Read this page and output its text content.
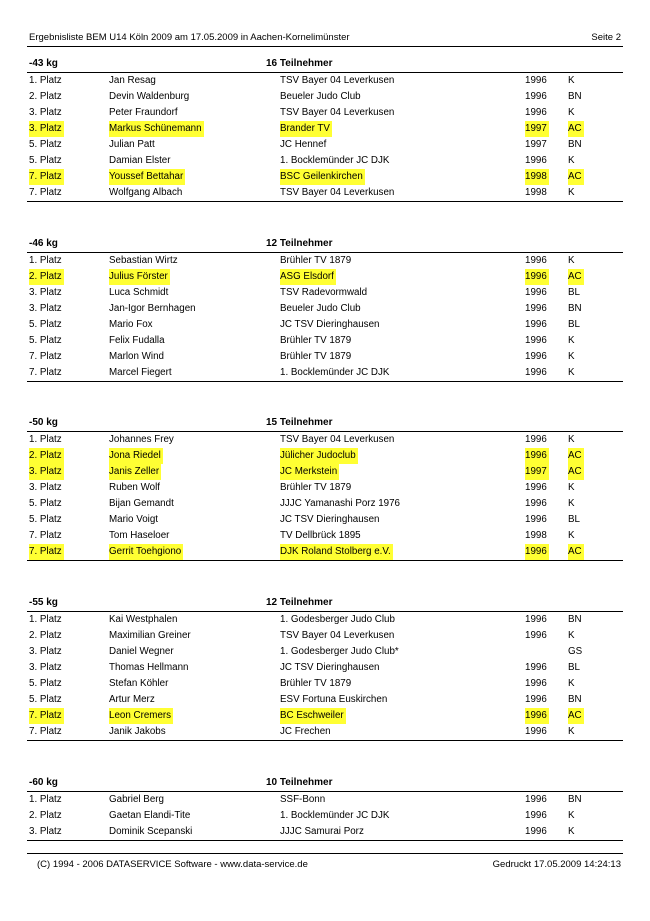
Ergebnisliste BEM U14 Köln 2009 am 17.05.2009 in Aachen-Kornelimünster	Seite 2
-43 kg	16 Teilnehmer
1. Platz	Jan Resag	TSV Bayer 04 Leverkusen	1996 K
2. Platz	Devin Waldenburg	Beueler Judo Club	1996 BN
3. Platz	Peter Fraundorf	TSV Bayer 04 Leverkusen	1996 K
3. Platz	Markus Schünemann	Brander TV	1997 AC
5. Platz	Julian Patt	JC Hennef	1997 BN
5. Platz	Damian Elster	1. Bocklemünder JC DJK	1996 K
7. Platz	Youssef Bettahar	BSC Geilenkirchen	1998 AC
7. Platz	Wolfgang Albach	TSV Bayer 04 Leverkusen	1998 K
-46 kg	12 Teilnehmer
1. Platz	Sebastian Wirtz	Brühler TV 1879	1996 K
2. Platz	Julius Förster	ASG Elsdorf	1996 AC
3. Platz	Luca Schmidt	TSV Radevormwald	1996 BL
3. Platz	Jan-Igor Bernhagen	Beueler Judo Club	1996 BN
5. Platz	Mario Fox	JC TSV Dieringhausen	1996 BL
5. Platz	Felix Fudalla	Brühler TV 1879	1996 K
7. Platz	Marlon Wind	Brühler TV 1879	1996 K
7. Platz	Marcel Fiegert	1. Bocklemünder JC DJK	1996 K
-50 kg	15 Teilnehmer
1. Platz	Johannes Frey	TSV Bayer 04 Leverkusen	1996 K
2. Platz	Jona Riedel	Jülicher Judoclub	1996 AC
3. Platz	Janis Zeller	JC Merkstein	1997 AC
3. Platz	Ruben Wolf	Brühler TV 1879	1996 K
5. Platz	Bijan Gemandt	JJJC Yamanashi Porz 1976	1996 K
5. Platz	Mario Voigt	JC TSV Dieringhausen	1996 BL
7. Platz	Tom Haseloer	TV Dellbrück 1895	1998 K
7. Platz	Gerrit Toehgiono	DJK Roland Stolberg e.V.	1996 AC
-55 kg	12 Teilnehmer
1. Platz	Kai Westphalen	1. Godesberger Judo Club	1996 BN
2. Platz	Maximilian Greiner	TSV Bayer 04 Leverkusen	1996 K
3. Platz	Daniel Wegner	1. Godesberger Judo Club*	GS
3. Platz	Thomas Hellmann	JC TSV Dieringhausen	1996 BL
5. Platz	Stefan Köhler	Brühler TV 1879	1996 K
5. Platz	Artur Merz	ESV Fortuna Euskirchen	1996 BN
7. Platz	Leon Cremers	BC Eschweiler	1996 AC
7. Platz	Janik Jakobs	JC Frechen	1996 K
-60 kg	10 Teilnehmer
1. Platz	Gabriel Berg	SSF-Bonn	1996 BN
2. Platz	Gaetan Elandi-Tite	1. Bocklemünder JC DJK	1996 K
3. Platz	Dominik Scepanski	JJJC Samurai Porz	1996 K
(C) 1994 - 2006 DATASERVICE Software - www.data-service.de	Gedruckt 17.05.2009 14:24:13
